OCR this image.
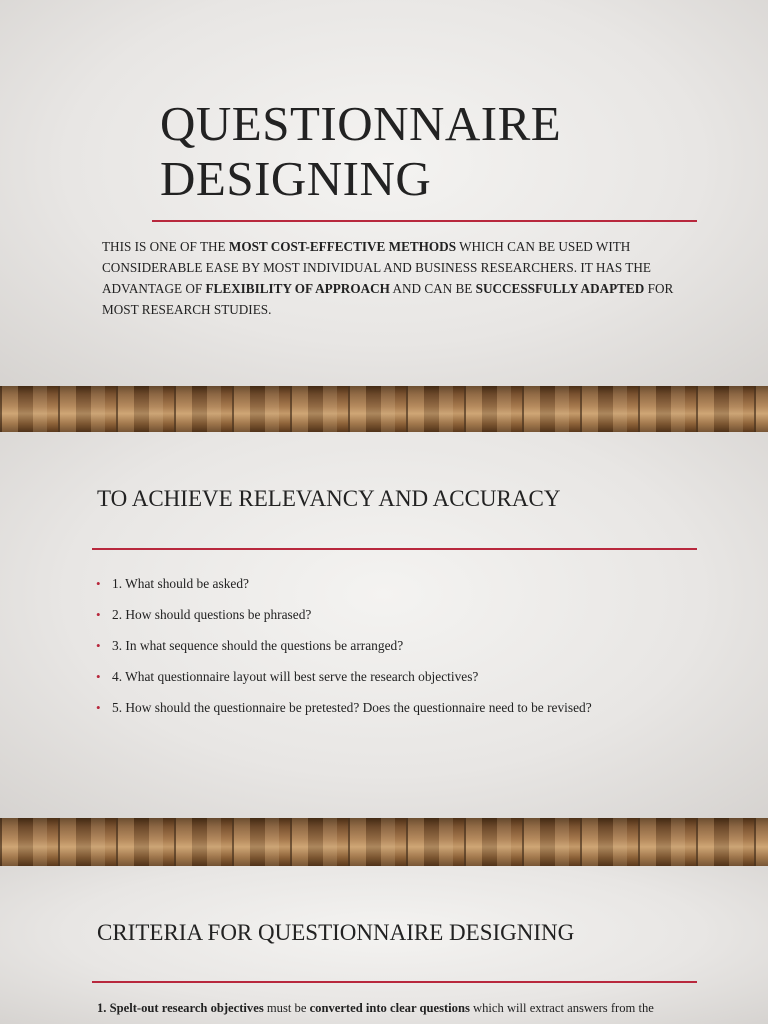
QUESTIONNAIRE
DESIGNING

THIS IS ONE OF THE MOST COST-EFFECTIVE METHODS WHICH CAN BE USED WITH CONSIDERABLE EASE BY MOST INDIVIDUAL AND BUSINESS RESEARCHERS. IT HAS THE ADVANTAGE OF FLEXIBILITY OF APPROACH AND CAN BE SUCCESSFULLY ADAPTED FOR MOST RESEARCH STUDIES.

TO ACHIEVE RELEVANCY AND ACCURACY
• 1. What should be asked?
• 2. How should questions be phrased?
• 3. In what sequence should the questions be arranged?
• 4. What questionnaire layout will best serve the research objectives?
• 5. How should the questionnaire be pretested? Does the questionnaire need to be revised?
CRITERIA FOR QUESTIONNAIRE DESIGNING

1. Spelt-out research objectives must be converted into clear questions which will extract answers from the
